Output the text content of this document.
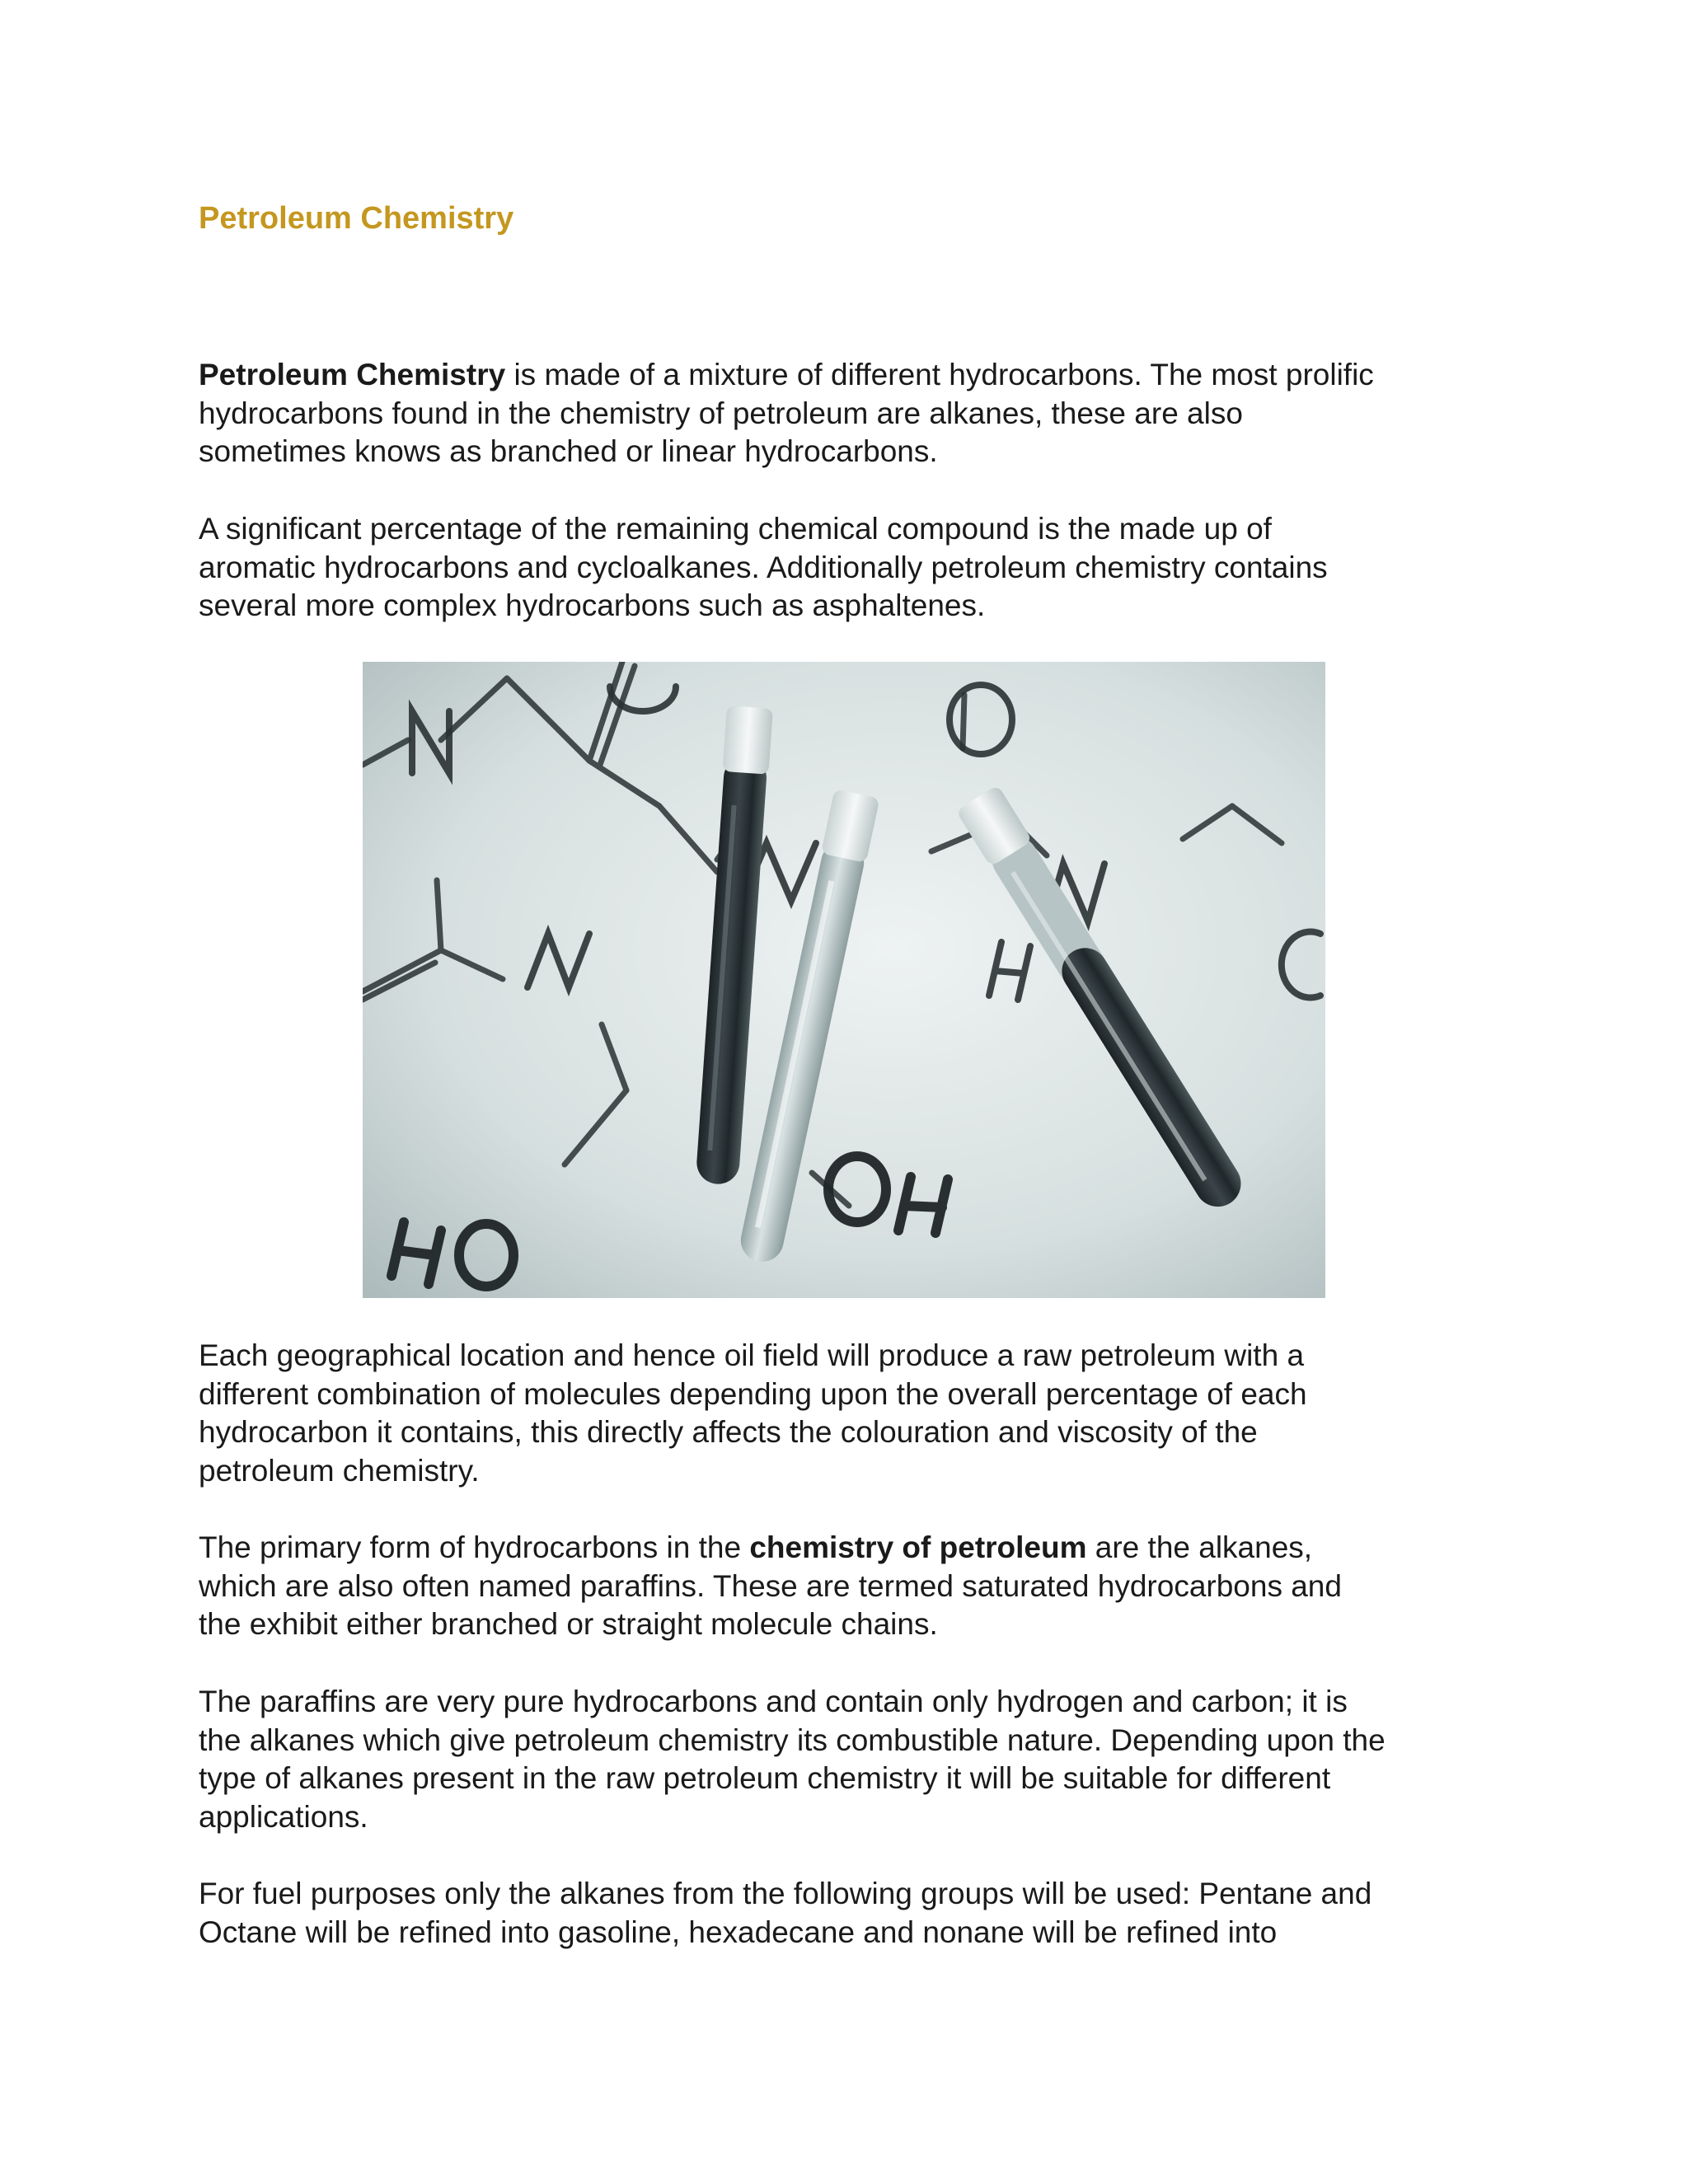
Petroleum Chemistry

Petroleum Chemistry is made of a mixture of different hydrocarbons. The most prolific
hydrocarbons found in the chemistry of petroleum are alkanes, these are also
sometimes knows as branched or linear hydrocarbons.

A significant percentage of the remaining chemical compound is the made up of
aromatic hydrocarbons and cycloalkanes. Additionally petroleum chemistry contains
several more complex hydrocarbons such as asphaltenes.

Each geographical location and hence oil field will produce a raw petroleum with a
different combination of molecules depending upon the overall percentage of each
hydrocarbon it contains, this directly affects the colouration and viscosity of the
petroleum chemistry.

The primary form of hydrocarbons in the chemistry of petroleum are the alkanes,
which are also often named paraffins. These are termed saturated hydrocarbons and
the exhibit either branched or straight molecule chains.

The paraffins are very pure hydrocarbons and contain only hydrogen and carbon; it is
the alkanes which give petroleum chemistry its combustible nature. Depending upon the
type of alkanes present in the raw petroleum chemistry it will be suitable for different
applications.

For fuel purposes only the alkanes from the following groups will be used: Pentane and
Octane will be refined into gasoline, hexadecane and nonane will be refined into
